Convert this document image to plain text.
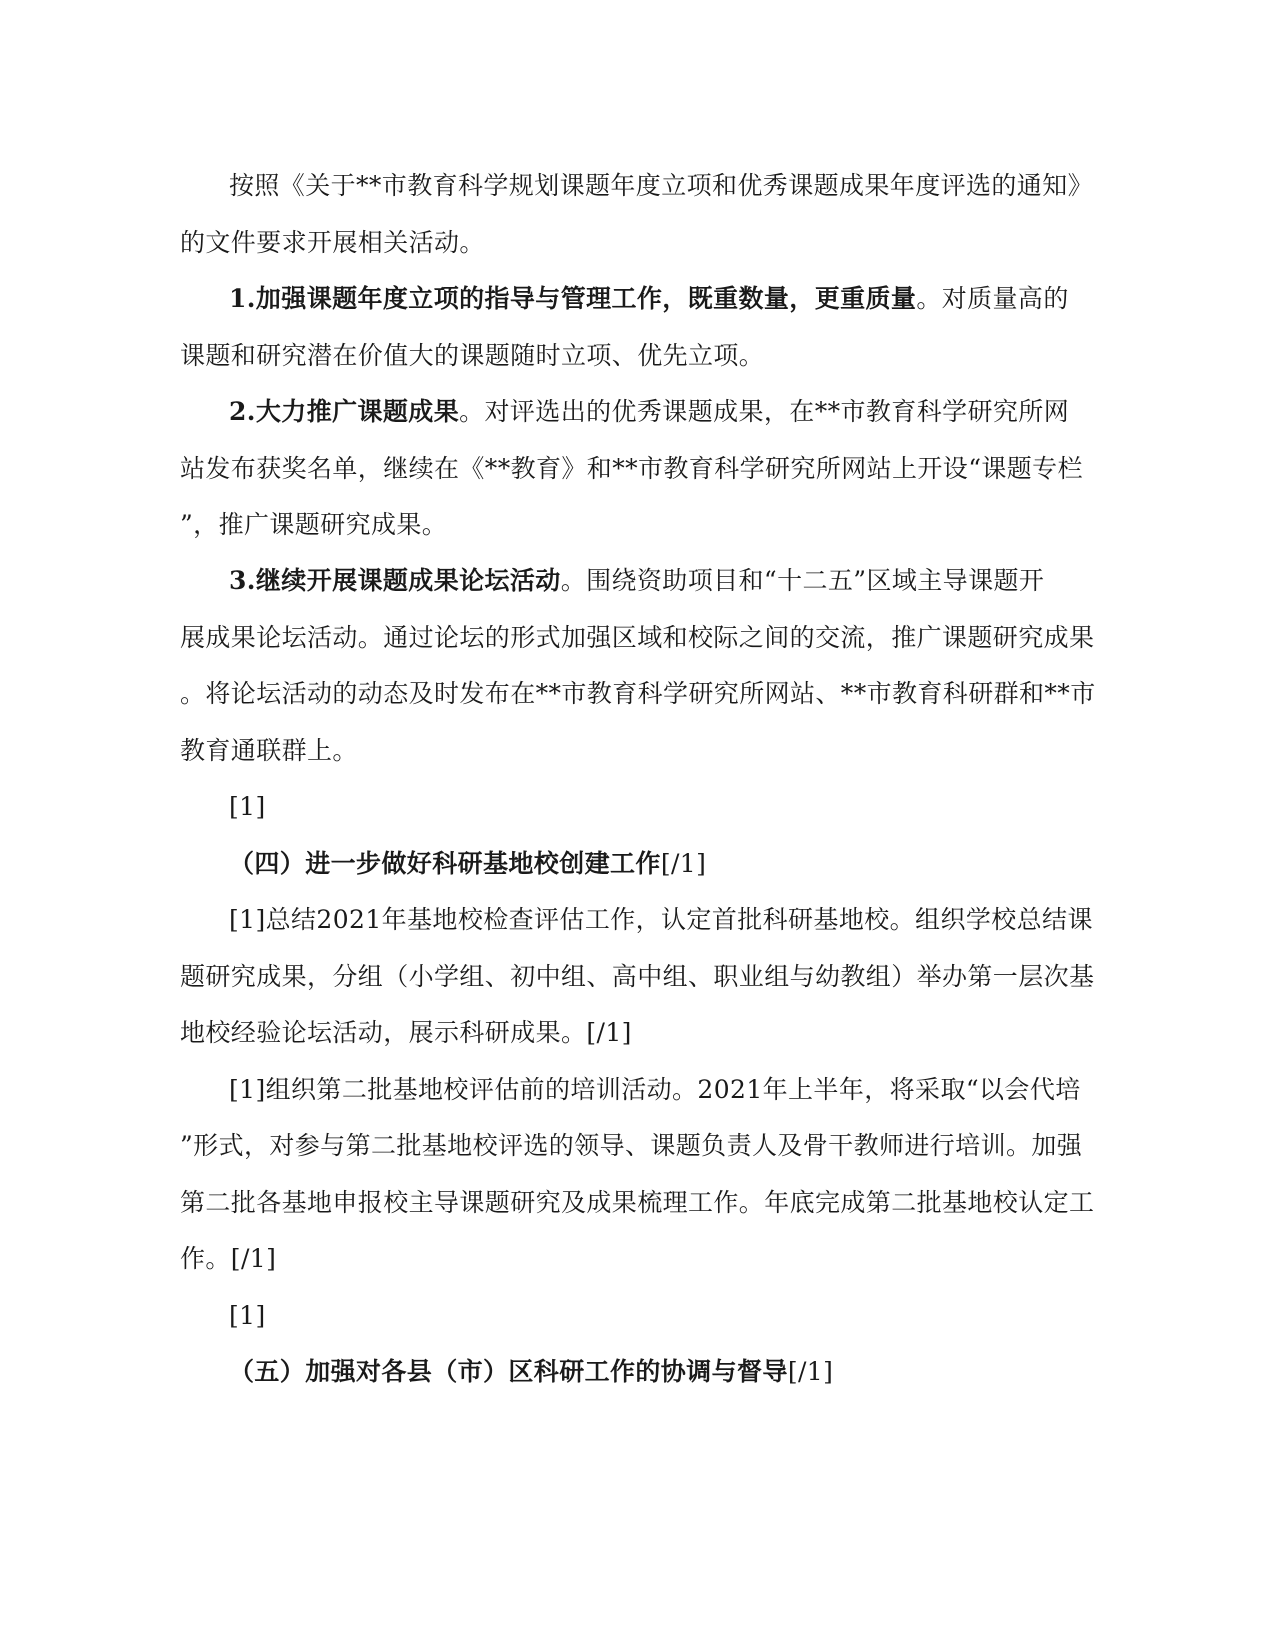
按照《关于**市教育科学规划课题年度立项和优秀课题成果年度评选的通知》
的文件要求开展相关活动。
1.加强课题年度立项的指导与管理工作，既重数量，更重质量。对质量高的
课题和研究潜在价值大的课题随时立项、优先立项。
2.大力推广课题成果。对评选出的优秀课题成果，在**市教育科学研究所网
站发布获奖名单，继续在《**教育》和**市教育科学研究所网站上开设“课题专栏
”，推广课题研究成果。
3.继续开展课题成果论坛活动。围绕资助项目和“十二五”区域主导课题开
展成果论坛活动。通过论坛的形式加强区域和校际之间的交流，推广课题研究成果
。将论坛活动的动态及时发布在**市教育科学研究所网站、**市教育科研群和**市
教育通联群上。
[1]
（四）进一步做好科研基地校创建工作[/1]
[1]总结2021年基地校检查评估工作，认定首批科研基地校。组织学校总结课
题研究成果，分组（小学组、初中组、高中组、职业组与幼教组）举办第一层次基
地校经验论坛活动，展示科研成果。[/1]
[1]组织第二批基地校评估前的培训活动。2021年上半年，将采取“以会代培
”形式，对参与第二批基地校评选的领导、课题负责人及骨干教师进行培训。加强
第二批各基地申报校主导课题研究及成果梳理工作。年底完成第二批基地校认定工
作。[/1]
[1]
（五）加强对各县（市）区科研工作的协调与督导[/1]
